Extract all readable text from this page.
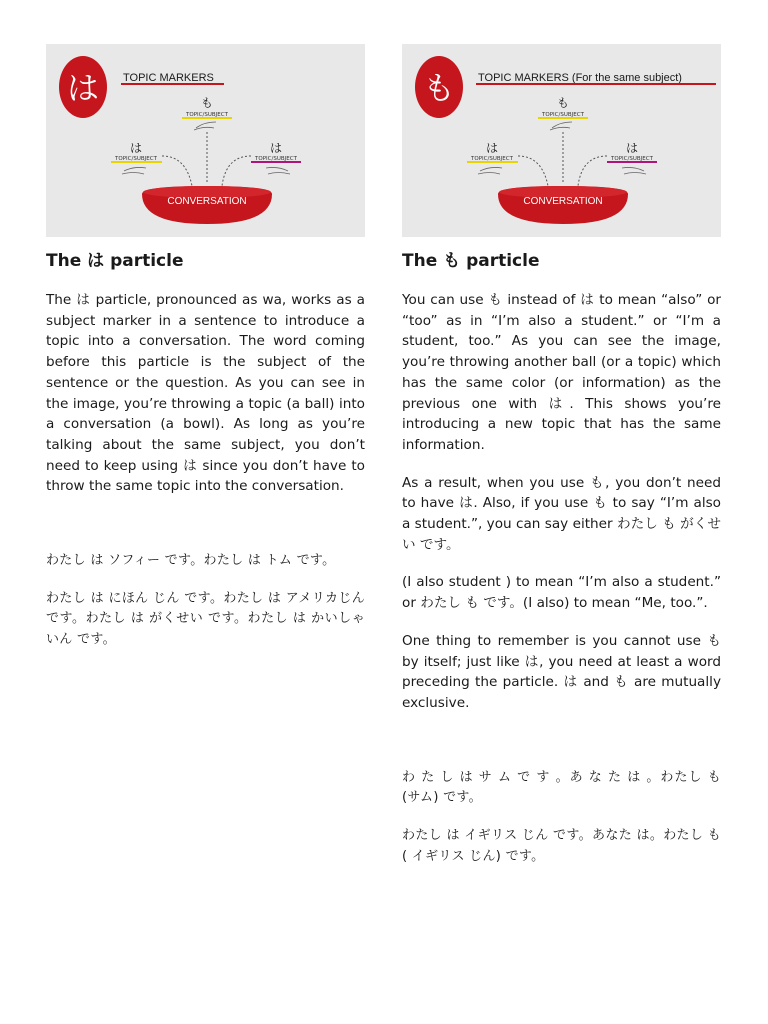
は TOPIC MARKERS
も
TOPIC/SUBJECT
は
TOPIC/SUBJECT
は
TOPIC/SUBJECT
CONVERSATION
The は particle

The は particle, pronounced as wa, works as a subject marker in a sentence to introduce a topic into a conversation. The word coming before this particle is the subject of the sentence or the question. As you can see in the image, you’re throwing a topic (a ball) into a conversation (a bowl). As long as you’re talking about the same subject, you don’t need to keep using は since you don’t have to throw the same topic into the conversation.

わたし は ソフィー です。わたし は トム です。

わたし は にほん じん です。わたし は アメリカじん です。わたし は がくせい です。わたし は かいしゃ いん です。

も TOPIC MARKERS (For the same subject)
も
TOPIC/SUBJECT
は
TOPIC/SUBJECT
は
TOPIC/SUBJECT
CONVERSATION
The も particle

You can use も instead of は to mean “also” or “too” as in “I’m also a student.” or “I’m a student, too.” As you can see the image, you’re throwing another ball (or a topic) which has the same color (or information) as the previous one with は. This shows you’re introducing a new topic that has the same information.

As a result, when you use も, you don’t need to have は. Also, if you use も to say “I’m also a student.”, you can say either わたし も がくせい です。

(I also student ) to mean “I’m also a student.” or わたし も です。(I also) to mean “Me, too.”.

One thing to remember is you cannot use も by itself; just like は, you need at least a word preceding the particle. は and も are mutually exclusive.

わ た し は サ ム で す 。あ な た は 。わたし も (サム) です。

わたし は イギリス じん です。あなた は。わたし も ( イギリス じん) です。
